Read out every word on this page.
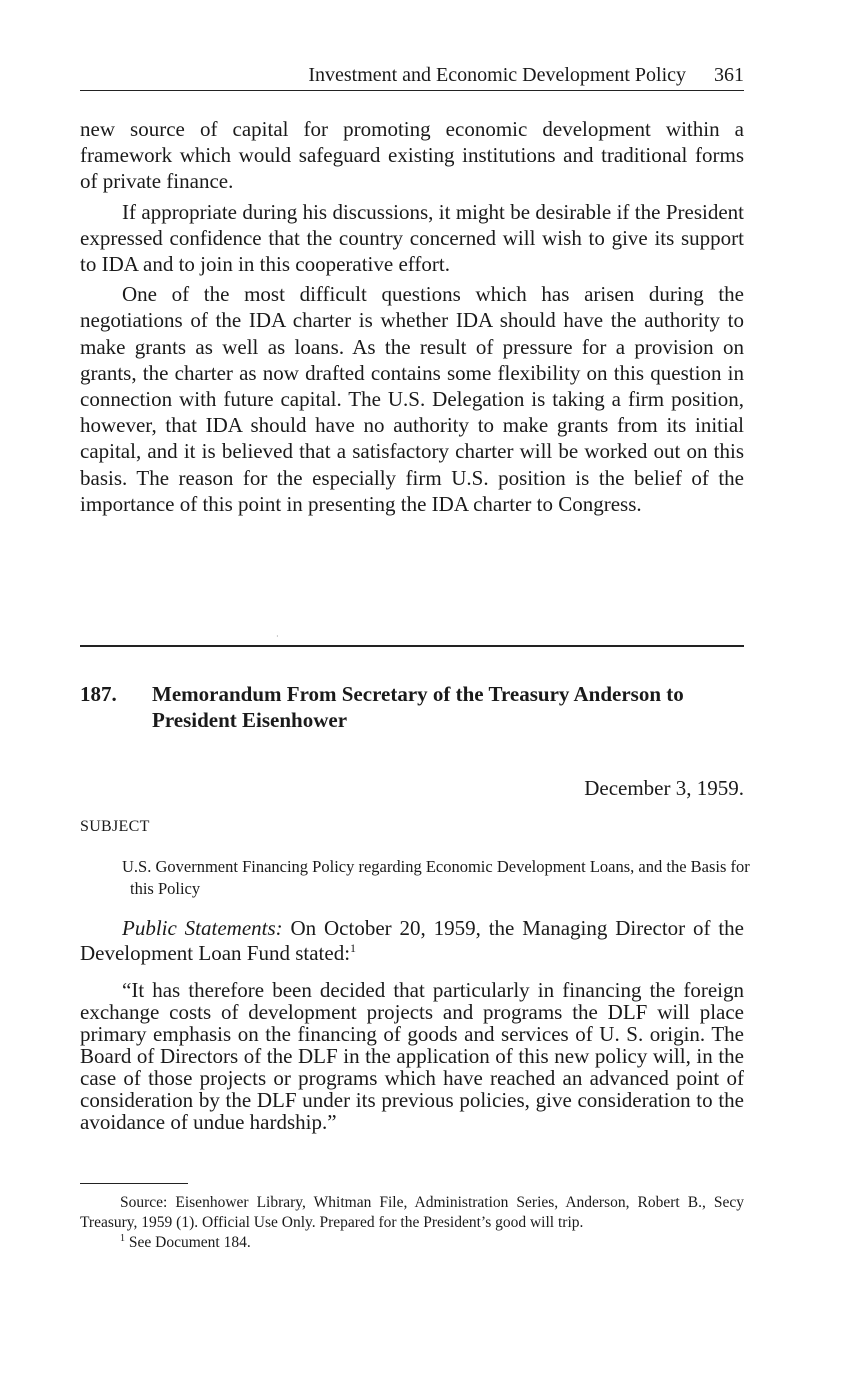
Investment and Economic Development Policy 361

new source of capital for promoting economic development within a framework which would safeguard existing institutions and traditional forms of private finance.

If appropriate during his discussions, it might be desirable if the President expressed confidence that the country concerned will wish to give its support to IDA and to join in this cooperative effort.

One of the most difficult questions which has arisen during the negotiations of the IDA charter is whether IDA should have the authority to make grants as well as loans. As the result of pressure for a provision on grants, the charter as now drafted contains some flexibility on this question in connection with future capital. The U.S. Delegation is taking a firm position, however, that IDA should have no authority to make grants from its initial capital, and it is believed that a satisfactory charter will be worked out on this basis. The reason for the especially firm U.S. position is the belief of the importance of this point in presenting the IDA charter to Congress.

·
187. Memorandum From Secretary of the Treasury Anderson to President Eisenhower
December 3, 1959.
SUBJECT
U.S. Government Financing Policy regarding Economic Development Loans, and the Basis for this Policy

Public Statements: On October 20, 1959, the Managing Director of the Development Loan Fund stated:$^1$

“It has therefore been decided that particularly in financing the foreign exchange costs of development projects and programs the DLF will place primary emphasis on the financing of goods and services of U. S. origin. The Board of Directors of the DLF in the application of this new policy will, in the case of those projects or programs which have reached an advanced point of consideration by the DLF under its previous policies, give consideration to the avoidance of undue hardship.”

Source: Eisenhower Library, Whitman File, Administration Series, Anderson, Robert B., Secy Treasury, 1959 (1). Official Use Only. Prepared for the President’s good will trip.

$^1$ See Document 184.
